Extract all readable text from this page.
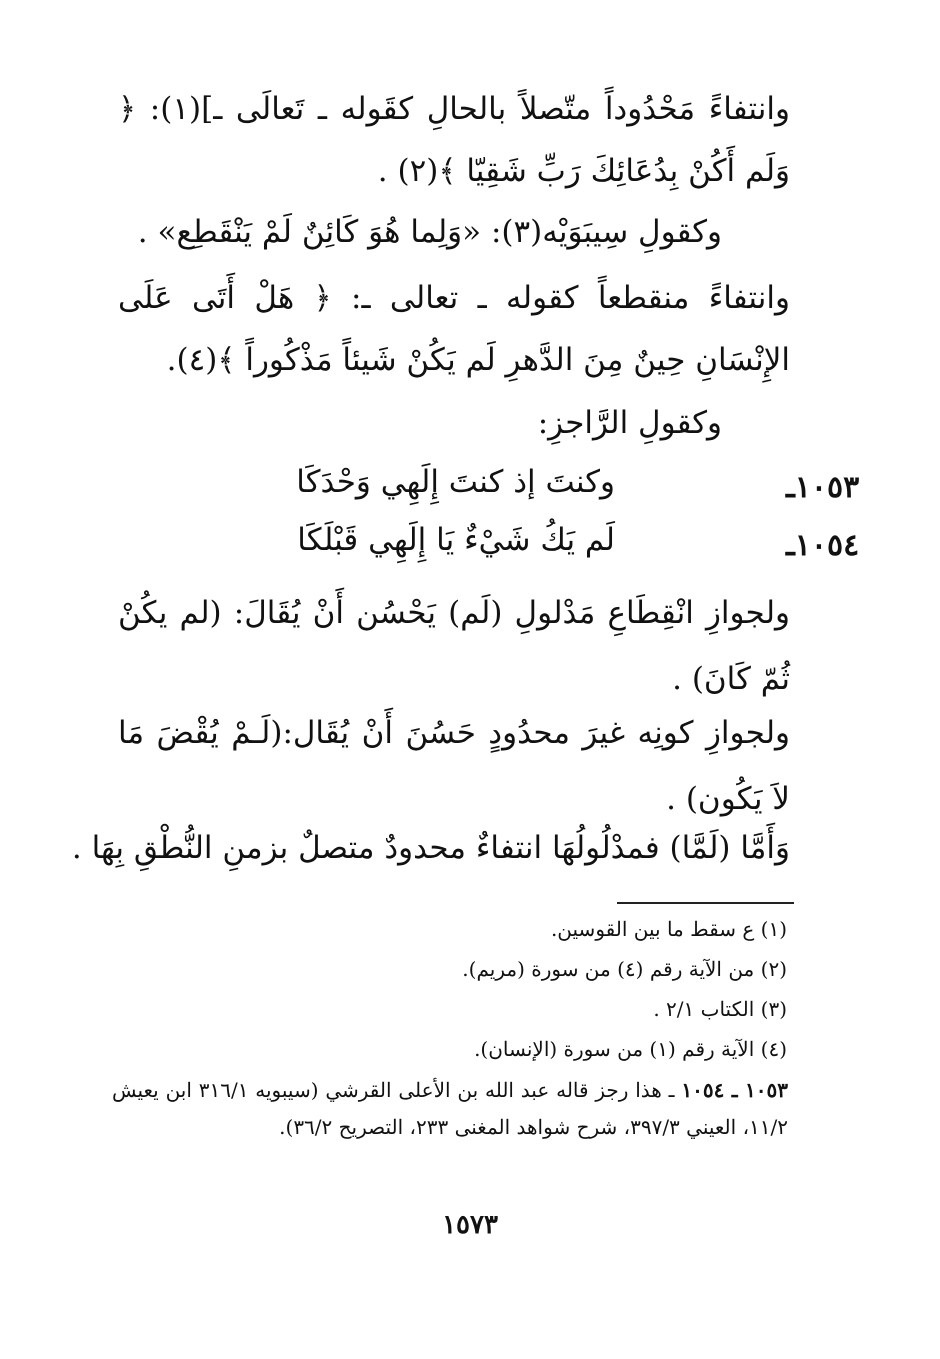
وانتفاءً مَحْدُوداً متّصلاً بالحالِ كقَوله ـ تَعالَى ـ](١): ﴿ وَلَم أَكُنْ بِدُعَائِكَ رَبِّ شَقِيّا ﴾(٢) .
وكقولِ سِيبَوَيْه(٣): «وَلِما هُوَ كَائِنٌ لَمْ يَنْقَطِع» .
وانتفاءً منقطعاً كقوله ـ تعالى ـ: ﴿ هَلْ أَتَى عَلَى الإِنْسَانِ حِينٌ مِنَ الدَّهرِ لَم يَكُنْ شَيئاً مَذْكُوراً ﴾(٤).
وكقولِ الرَّاجزِ:
١٠٥٣ـ
وكنتَ إذ كنتَ إِلَهِي وَحْدَكَا
١٠٥٤ـ
لَم يَكُ شَيْءٌ يَا إِلَهِي قَبْلَكَا
ولجوازِ انْقِطَاعِ مَدْلولِ (لَم) يَحْسُن أَنْ يُقَالَ: (لم يكُنْ ثُمّ كَانَ) .
ولجوازِ كونِه غيرَ محدُودٍ حَسُنَ أَنْ يُقَال:(لَـمْ يُقْضَ مَا لاَ يَكُون) .
وَأَمَّا (لَمَّا) فمدْلُولُهَا انتفاءٌ محدودٌ متصلٌ بزمنِ النُّطْقِ بِهَا .
(١) ع سقط ما بين القوسين.
(٢) من الآية رقم (٤) من سورة (مريم).
(٣) الكتاب ٢/١ .
(٤) الآية رقم (١) من سورة (الإنسان).
١٠٥٣ ـ ١٠٥٤ ـ هذا رجز قاله عبد الله بن الأعلى القرشي (سيبويه ٣١٦/١ ابن يعيش ١١/٢، العيني ٣٩٧/٣، شرح شواهد المغنى ٢٣٣، التصريح ٣٦/٢).
١٥٧٣
